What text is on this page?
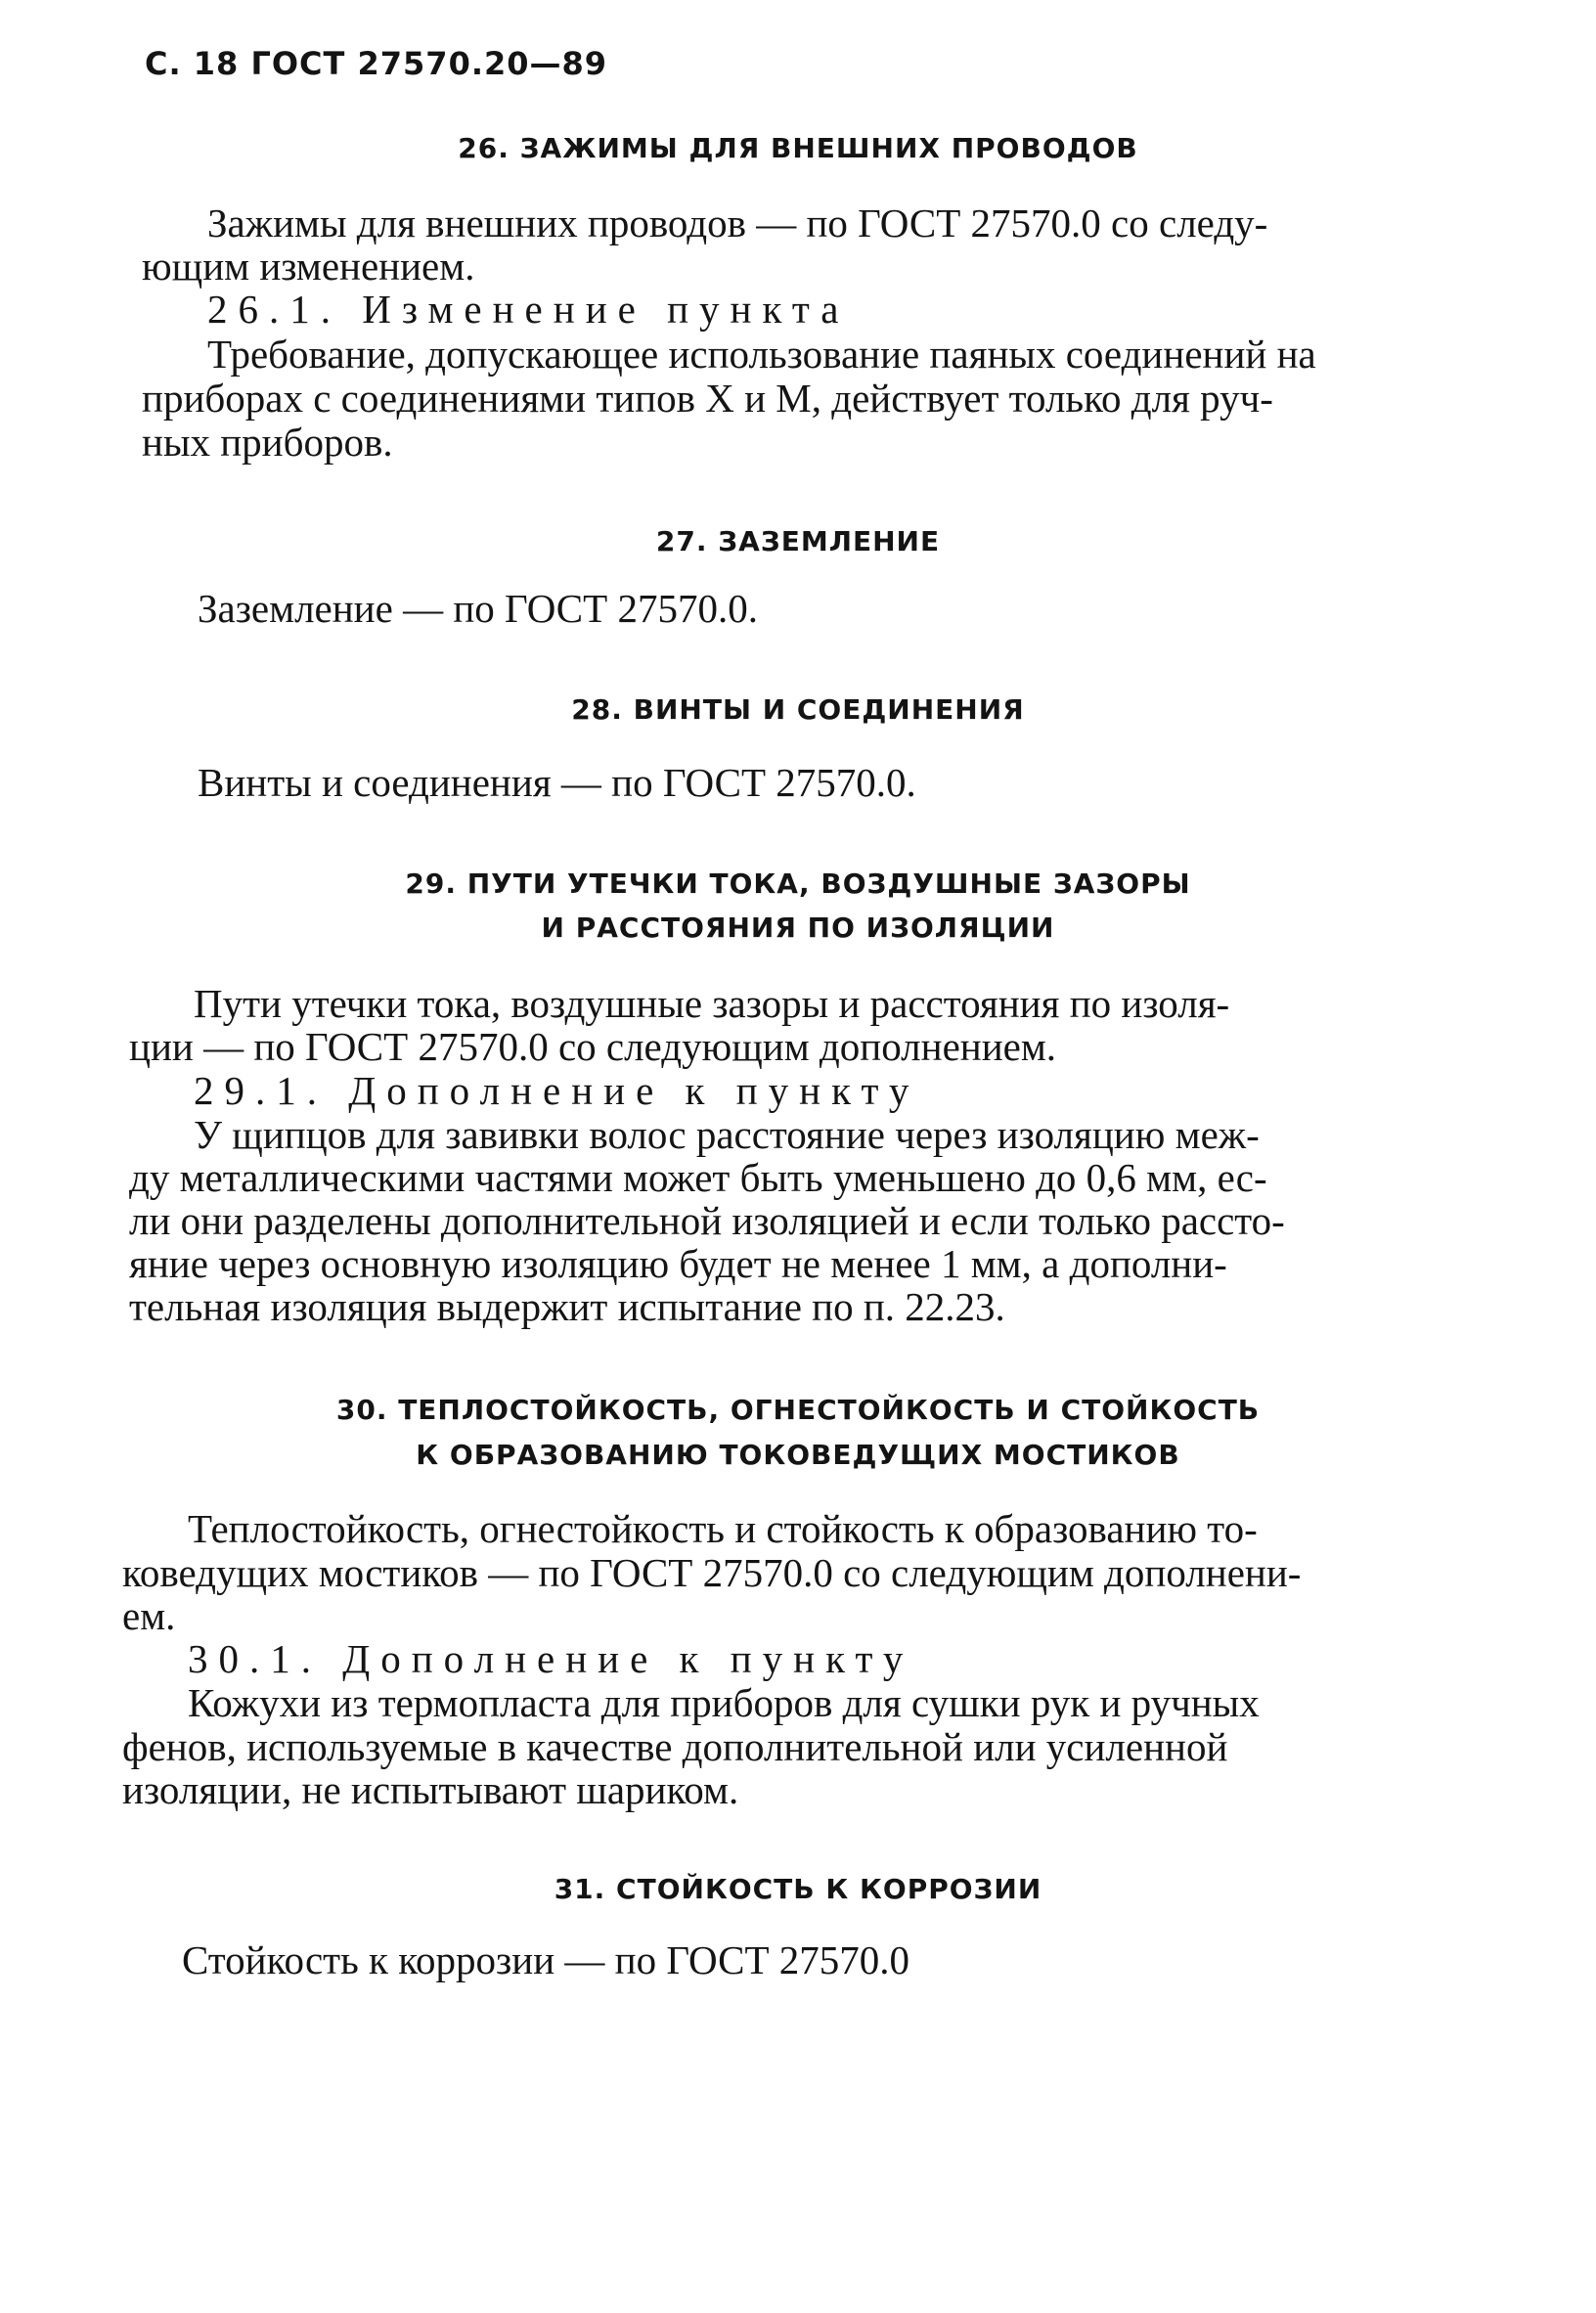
С. 18 ГОСТ 27570.20—89
26. ЗАЖИМЫ ДЛЯ ВНЕШНИХ ПРОВОДОВ
Зажимы для внешних проводов — по ГОСТ 27570.0 со следу-
ющим изменением.
26.1. Изменение пункта
Требование, допускающее использование паяных соединений на
приборах с соединениями типов X и M, действует только для руч-
ных приборов.
27. ЗАЗЕМЛЕНИЕ
Заземление — по ГОСТ 27570.0.
28. ВИНТЫ И СОЕДИНЕНИЯ
Винты и соединения — по ГОСТ 27570.0.
29. ПУТИ УТЕЧКИ ТОКА, ВОЗДУШНЫЕ ЗАЗОРЫ
И РАССТОЯНИЯ ПО ИЗОЛЯЦИИ
Пути утечки тока, воздушные зазоры и расстояния по изоля-
ции — по ГОСТ 27570.0 со следующим дополнением.
29.1. Дополнение к пункту
У щипцов для завивки волос расстояние через изоляцию меж-
ду металлическими частями может быть уменьшено до 0,6 мм, ес-
ли они разделены дополнительной изоляцией и если только рассто-
яние через основную изоляцию будет не менее 1 мм, а дополни-
тельная изоляция выдержит испытание по п. 22.23.
30. ТЕПЛОСТОЙКОСТЬ, ОГНЕСТОЙКОСТЬ И СТОЙКОСТЬ
К ОБРАЗОВАНИЮ ТОКОВЕДУЩИХ МОСТИКОВ
Теплостойкость, огнестойкость и стойкость к образованию то-
коведущих мостиков — по ГОСТ 27570.0 со следующим дополнени-
ем.
30.1. Дополнение к пункту
Кожухи из термопласта для приборов для сушки рук и ручных
фенов, используемые в качестве дополнительной или усиленной
изоляции, не испытывают шариком.
31. СТОЙКОСТЬ К КОРРОЗИИ
Стойкость к коррозии — по ГОСТ 27570.0
